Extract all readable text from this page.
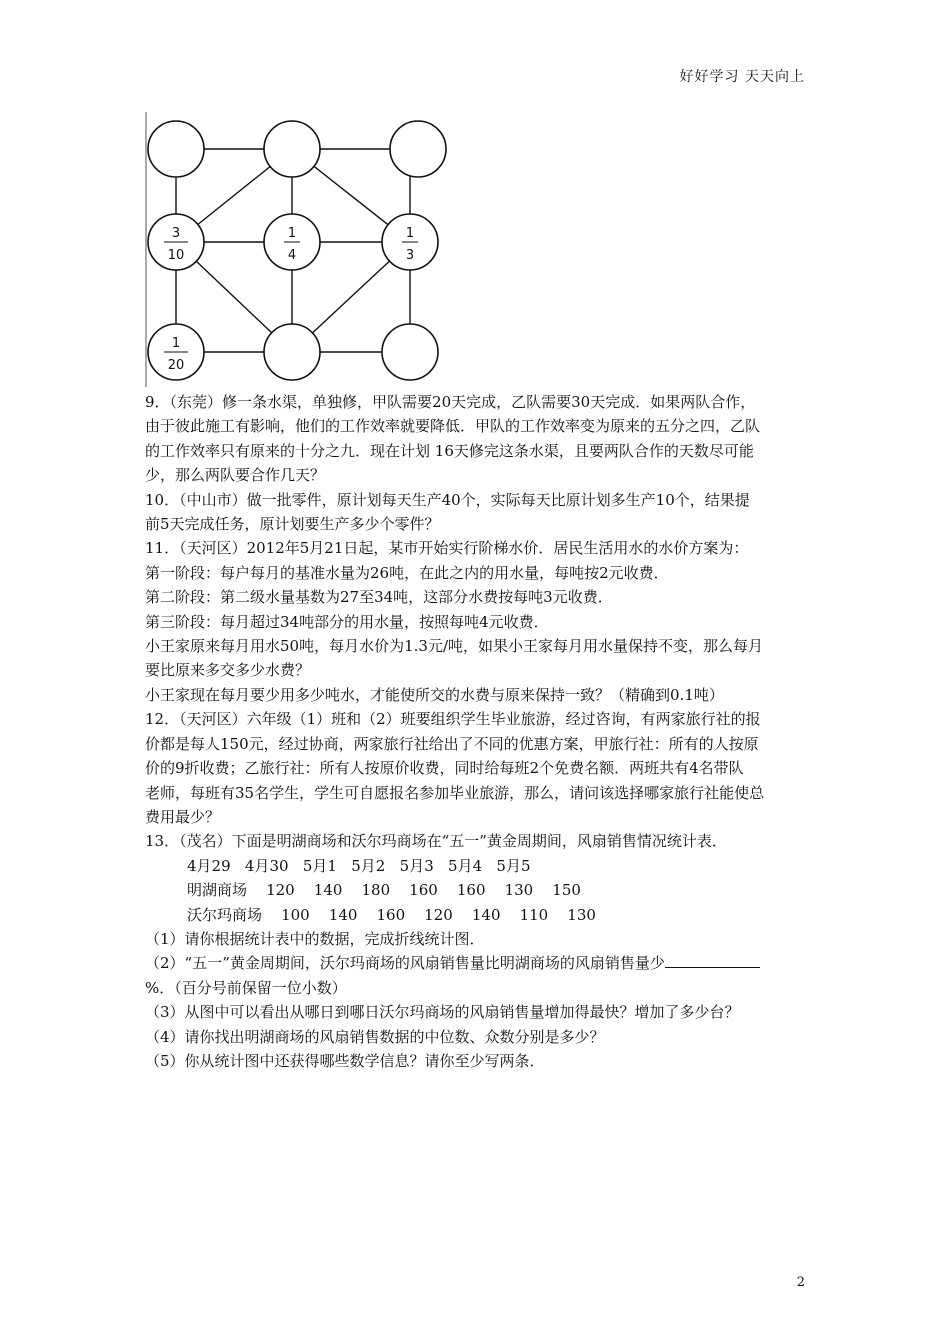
好好学习 天天向上
3
10
1
4
1
3
1
20
9．（东莞）修一条水渠，单独修，甲队需要20天完成，乙队需要30天完成．如果两队合作，
由于彼此施工有影响，他们的工作效率就要降低．甲队的工作效率变为原来的五分之四，乙队
的工作效率只有原来的十分之九．现在计划 16天修完这条水渠，且要两队合作的天数尽可能
少，那么两队要合作几天？
10．（中山市）做一批零件，原计划每天生产40个，实际每天比原计划多生产10个，结果提
前5天完成任务，原计划要生产多少个零件？
11．（天河区）2012年5月21日起，某市开始实行阶梯水价．居民生活用水的水价方案为：
第一阶段：每户每月的基准水量为26吨，在此之内的用水量，每吨按2元收费．
第二阶段：第二级水量基数为27至34吨，这部分水费按每吨3元收费．
第三阶段：每月超过34吨部分的用水量，按照每吨4元收费．
小王家原来每月用水50吨，每月水价为1.3元/吨，如果小王家每月用水量保持不变，那么每月
要比原来多交多少水费？
小王家现在每月要少用多少吨水，才能使所交的水费与原来保持一致？（精确到0.1吨）
12．（天河区）六年级（1）班和（2）班要组织学生毕业旅游，经过咨询，有两家旅行社的报
价都是每人150元，经过协商，两家旅行社给出了不同的优惠方案，甲旅行社：所有的人按原
价的9折收费；乙旅行社：所有人按原价收费，同时给每班2个免费名额．两班共有4名带队
老师，每班有35名学生，学生可自愿报名参加毕业旅游，那么，请问该选择哪家旅行社能使总
费用最少？
13．（茂名）下面是明湖商场和沃尔玛商场在“五一”黄金周期间，风扇销售情况统计表．
4月29   4月30   5月1   5月2   5月3   5月4   5月5
明湖商场    120    140    180    160    160    130    150
沃尔玛商场    100    140    160    120    140    110    130
（1）请你根据统计表中的数据，完成折线统计图．
（2）“五一”黄金周期间，沃尔玛商场的风扇销售量比明湖商场的风扇销售量少
%．（百分号前保留一位小数）
（3）从图中可以看出从哪日到哪日沃尔玛商场的风扇销售量增加得最快？增加了多少台？
（4）请你找出明湖商场的风扇销售数据的中位数、众数分别是多少？
（5）你从统计图中还获得哪些数学信息？请你至少写两条．
2
